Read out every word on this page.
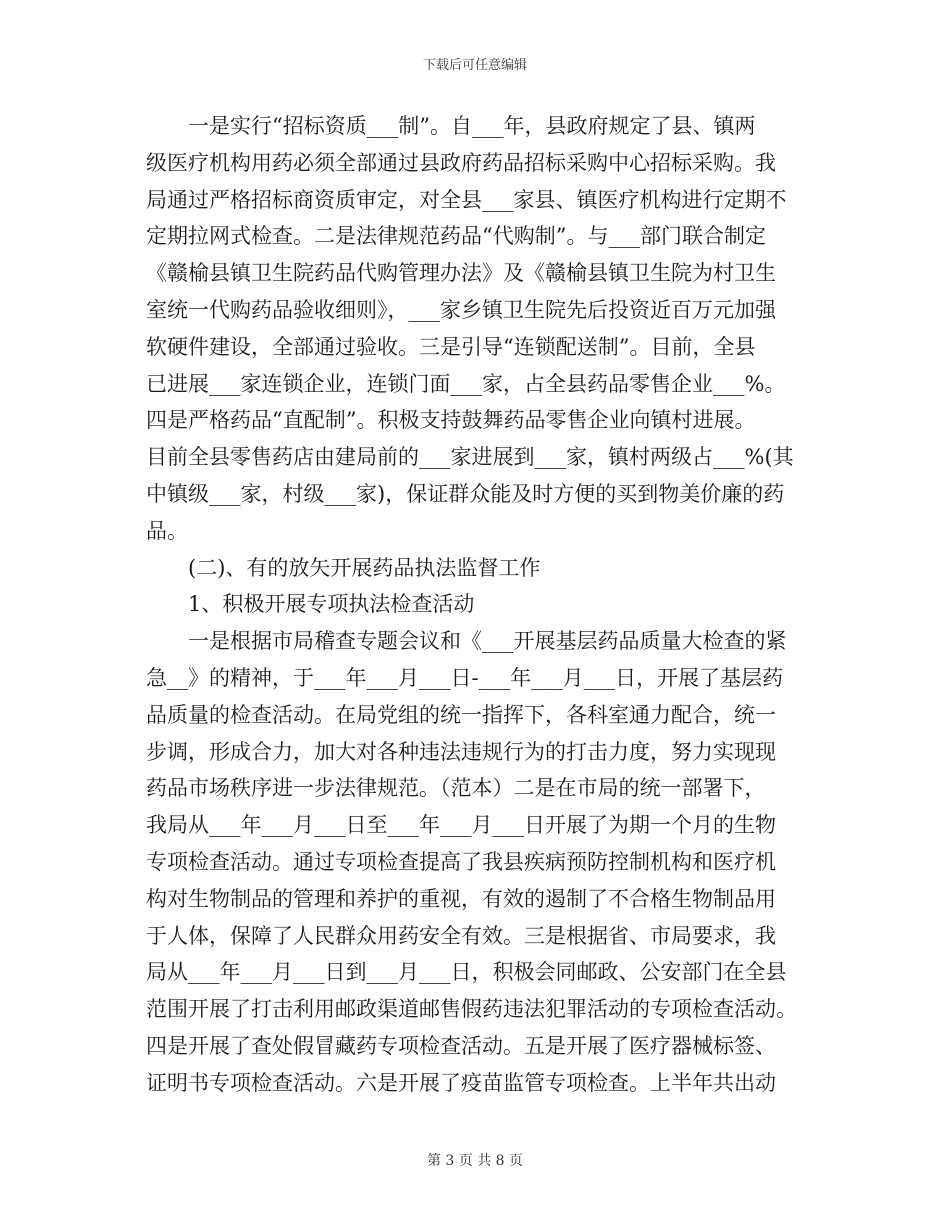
下载后可任意编辑
一是实行“招标资质___制”。自___年，县政府规定了县、镇两
级医疗机构用药必须全部通过县政府药品招标采购中心招标采购。我
局通过严格招标商资质审定，对全县___家县、镇医疗机构进行定期不
定期拉网式检查。二是法律规范药品“代购制”。与___部门联合制定
《赣榆县镇卫生院药品代购管理办法》及《赣榆县镇卫生院为村卫生
室统一代购药品验收细则》，___家乡镇卫生院先后投资近百万元加强
软硬件建设，全部通过验收。三是引导“连锁配送制”。目前，全县
已进展___家连锁企业，连锁门面___家，占全县药品零售企业___%。
四是严格药品“直配制”。积极支持鼓舞药品零售企业向镇村进展。
目前全县零售药店由建局前的___家进展到___家，镇村两级占___%(其
中镇级___家，村级___家)，保证群众能及时方便的买到物美价廉的药
品。
(二)、有的放矢开展药品执法监督工作
1、积极开展专项执法检查活动
一是根据市局稽查专题会议和《___开展基层药品质量大检查的紧
急__》的精神，于___年___月___日-___年___月___日，开展了基层药
品质量的检查活动。在局党组的统一指挥下，各科室通力配合，统一
步调，形成合力，加大对各种违法违规行为的打击力度，努力实现现
药品市场秩序进一步法律规范。（范本）二是在市局的统一部署下，
我局从___年___月___日至___年___月___日开展了为期一个月的生物
专项检查活动。通过专项检查提高了我县疾病预防控制机构和医疗机
构对生物制品的管理和养护的重视，有效的遏制了不合格生物制品用
于人体，保障了人民群众用药安全有效。三是根据省、市局要求，我
局从___年___月___日到___月___日，积极会同邮政、公安部门在全县
范围开展了打击利用邮政渠道邮售假药违法犯罪活动的专项检查活动。
四是开展了查处假冒藏药专项检查活动。五是开展了医疗器械标签、
证明书专项检查活动。六是开展了疫苗监管专项检查。上半年共出动
第 3 页 共 8 页
